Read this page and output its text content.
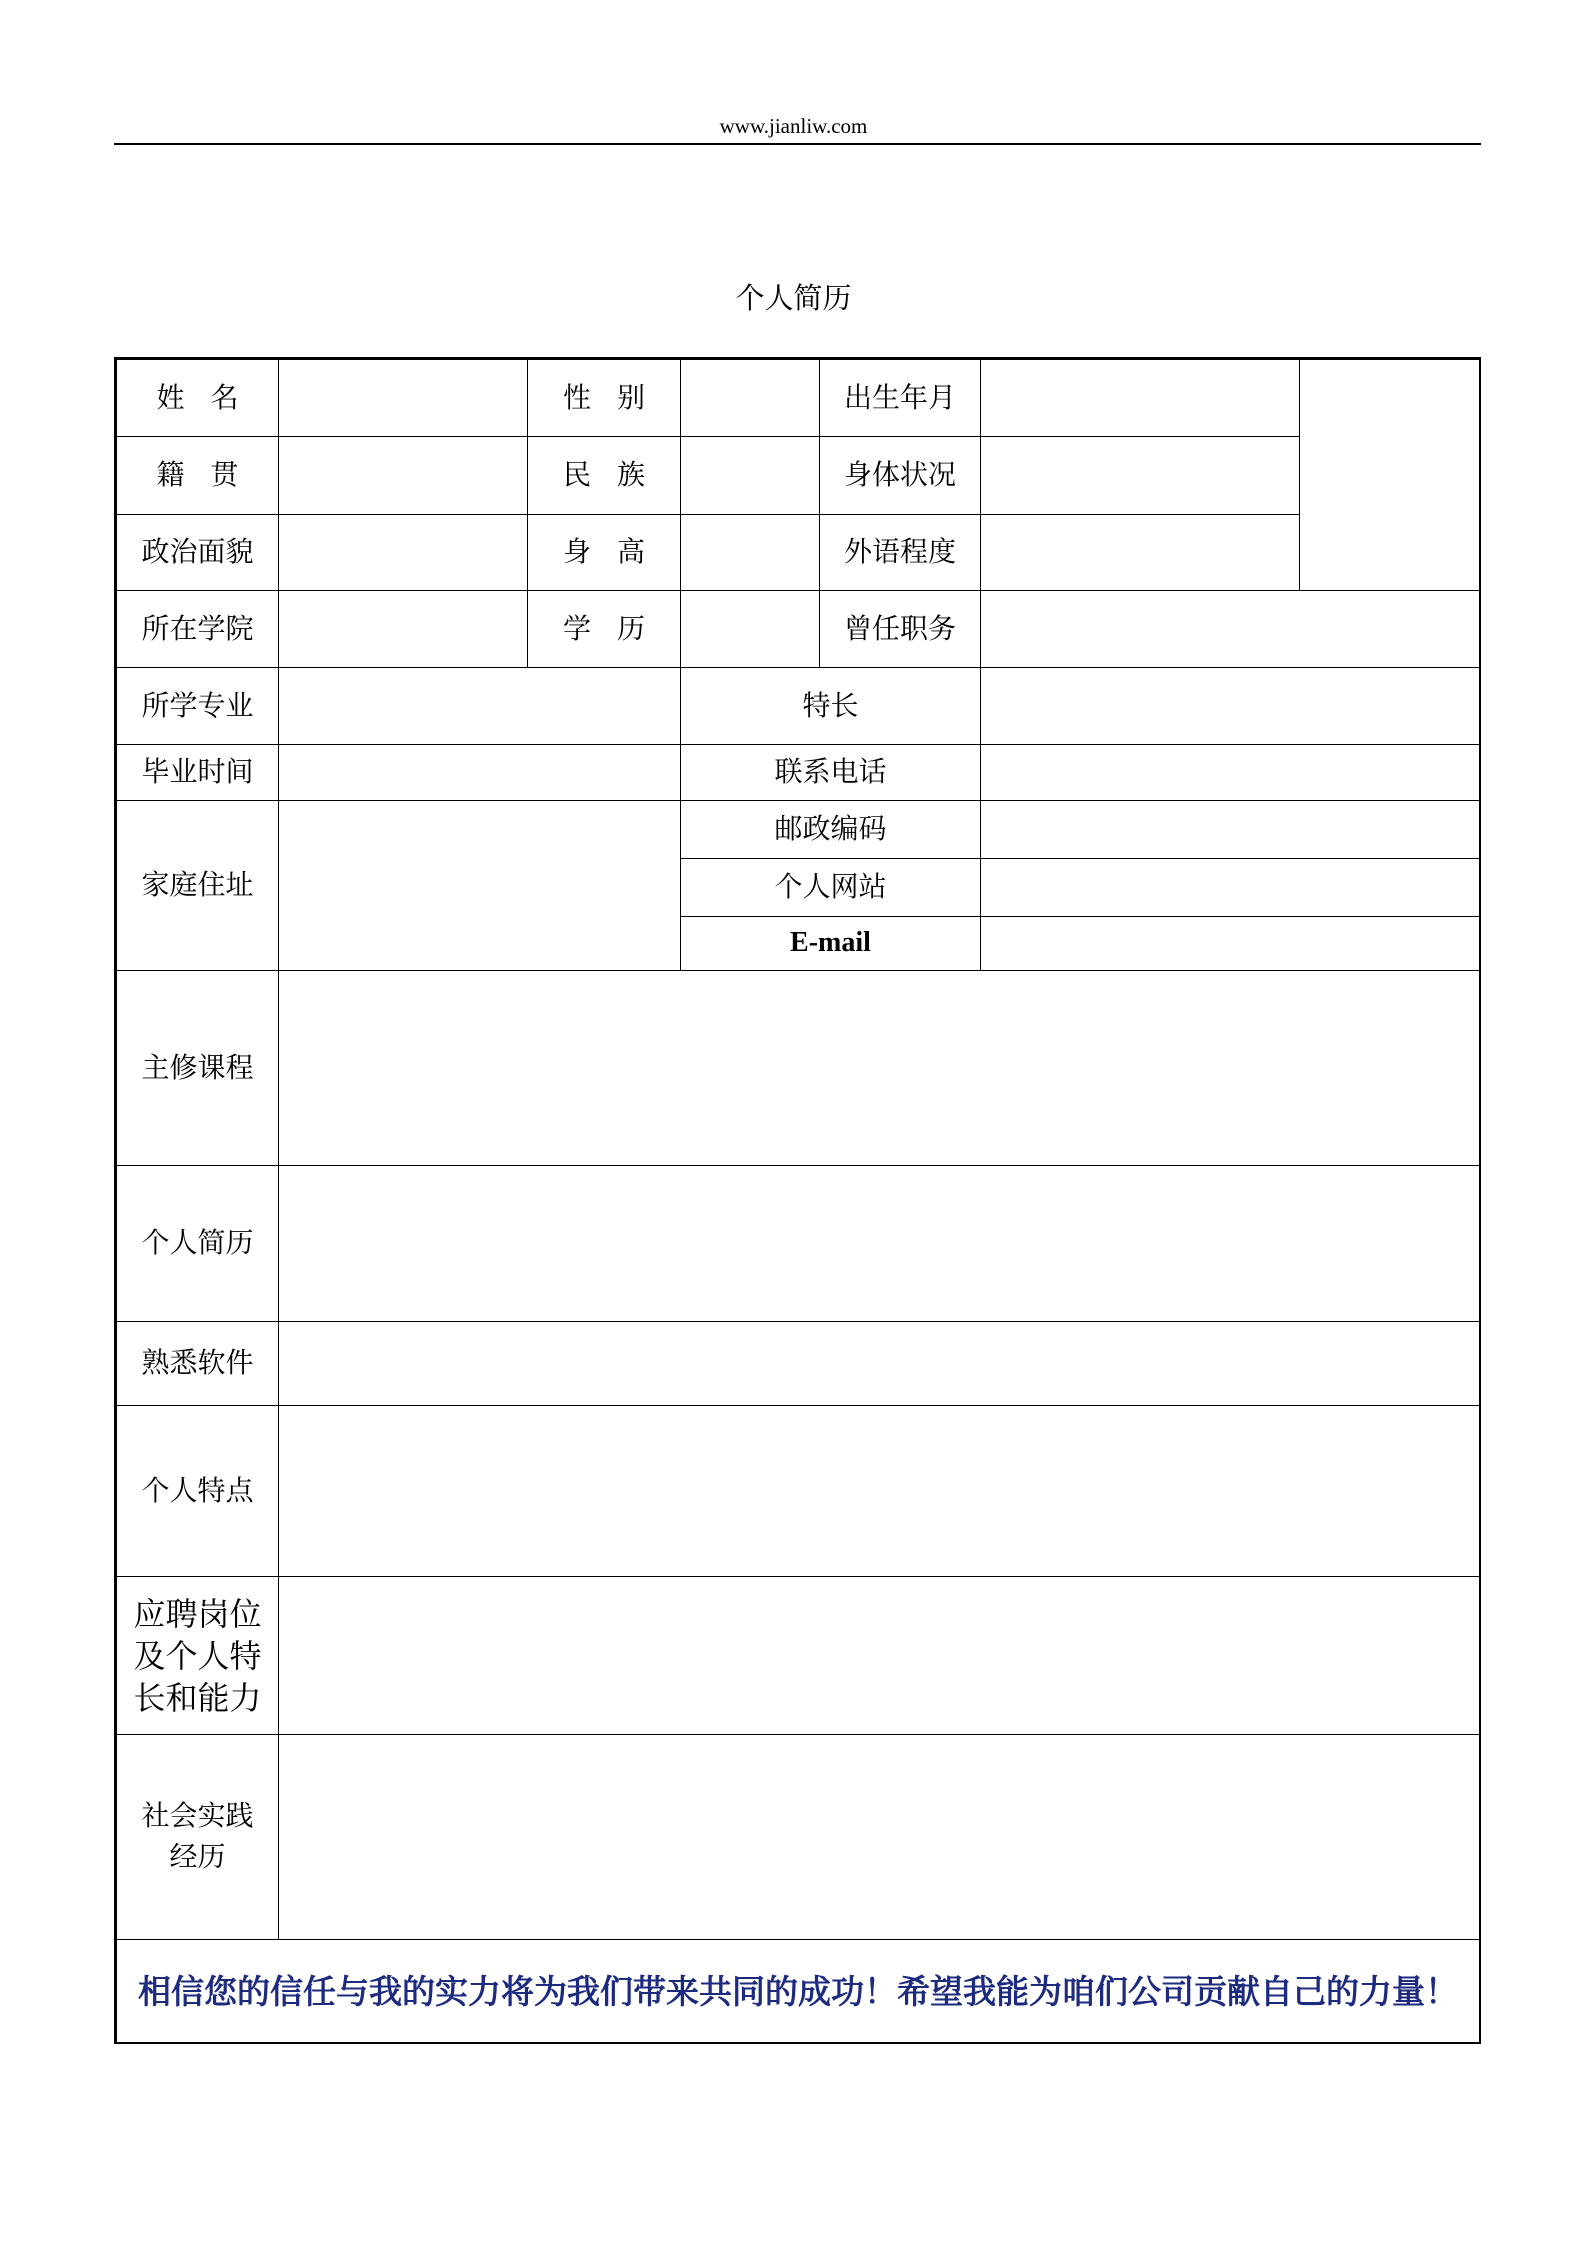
www.jianliw.com
个人简历
姓名		性别		出生年月		
籍贯		民族		身体状况		
政治面貌		身高		外语程度		
所在学院		学历		曾任职务		
所学专业			特长			
毕业时间			联系电话			
家庭住址			邮政编码			
			个人网站			
			E-mail			
主修课程						
个人简历						
熟悉软件						
个人特点						

应聘岗位
及个人特
长和能力						

社会实践
经历						

相信您的信任与我的实力将为我们带来共同的成功！希望我能为咱们公司贡献自己的力量！						
